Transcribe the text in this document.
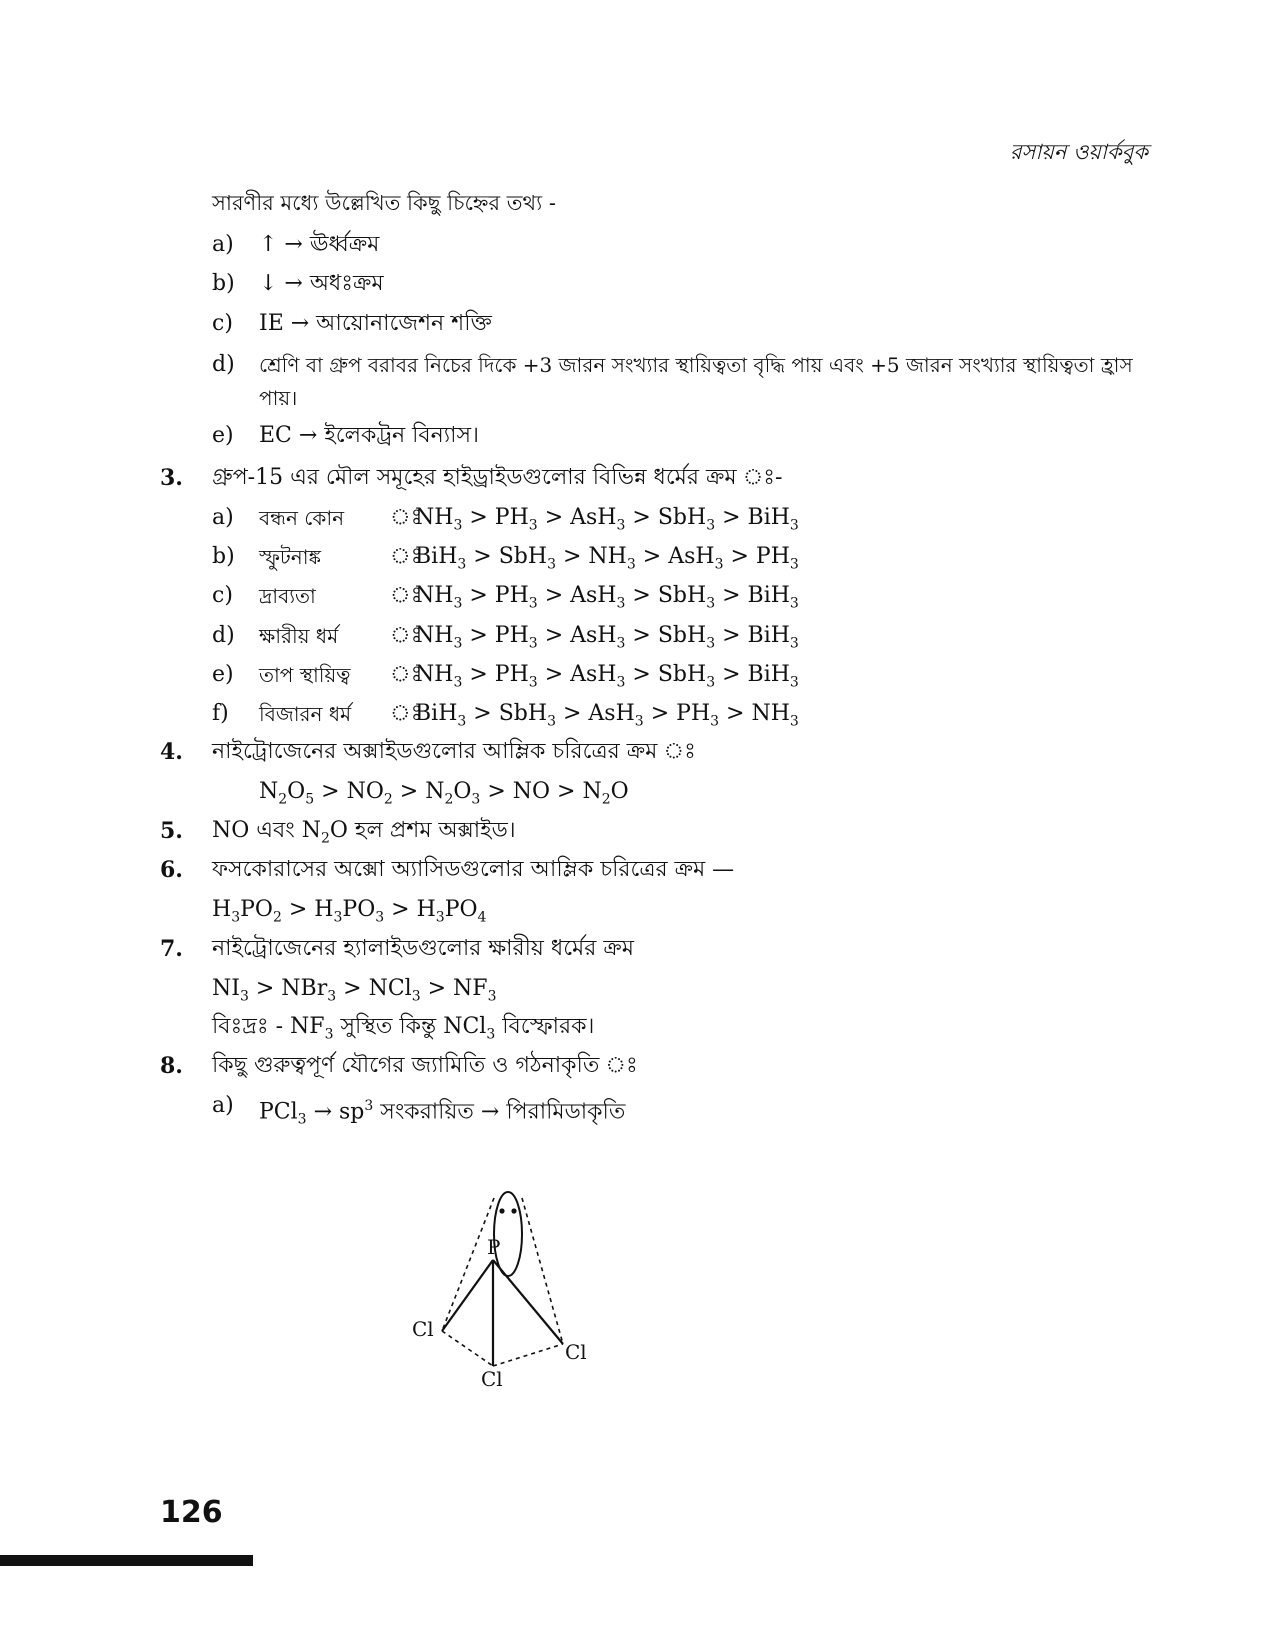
রসায়ন ওয়ার্কবুক
সারণীর মধ্যে উল্লেখিত কিছু চিহ্নের তথ্য -
a) ↑ → ঊর্ধ্বক্রম
b) ↓ → অধঃক্রম
c) IE → আয়োনাজেশন শক্তি
d) শ্রেণি বা গ্রুপ বরাবর নিচের দিকে +3 জারন সংখ্যার স্থায়িত্বতা বৃদ্ধি পায় এবং +5 জারন সংখ্যার স্থায়িত্বতা হ্রাস
পায়।
e) EC → ইলেকট্রন বিন্যাস।
3. গ্রুপ-15 এর মৌল সমূহের হাইড্রাইডগুলোর বিভিন্ন ধর্মের ক্রম ঃ-
a) বন্ধন কোন ঃ
$NH_3 > PH_3 > AsH_3 > SbH_3 > BiH_3$
b) স্ফুটনাঙ্ক	ঃ
$BiH_3 > SbH_3 > NH_3 > AsH_3 > PH_3$
c) দ্রাব্যতা	ঃ
$NH_3 > PH_3 > AsH_3 > SbH_3 > BiH_3$
d) ক্ষারীয় ধর্ম ঃ
$NH_3 > PH_3 > AsH_3 > SbH_3 > BiH_3$
e) তাপ স্থায়িত্ব ঃ
$NH_3 > PH_3 > AsH_3 > SbH_3 > BiH_3$
f) বিজারন ধর্ম ঃ
$BiH_3 > SbH_3 > AsH_3 > PH_3 > NH_3$
4. নাইট্রোজেনের অক্সাইডগুলোর আম্লিক চরিত্রের ক্রম ঃ
$N_2O_5 > NO_2 > N_2O_3$ > NO > $N_2O$
5. NO এবং $N_2O$ হল প্রশম অক্সাইড।
6. ফসকোরাসের অক্সো অ্যাসিডগুলোর আম্লিক চরিত্রের ক্রম —
$H_3PO_2 > H_3PO_3 > H_3PO_4$
7. নাইট্রোজেনের হ্যালাইডগুলোর ক্ষারীয় ধর্মের ক্রম
$NI_3 > NBr_3 > NCl_3 > NF_3$
বিঃদ্রঃ - $NF_3$ সুস্থিত কিন্তু NCl$_3$ বিস্ফোরক।
8. কিছু গুরুত্বপূর্ণ যৌগের জ্যামিতি ও গঠনাকৃতি ঃ
a) $PCl_3 \to sp^3$ সংকরায়িত → পিরামিডাকৃতি
P
Cl
Cl
Cl
126
